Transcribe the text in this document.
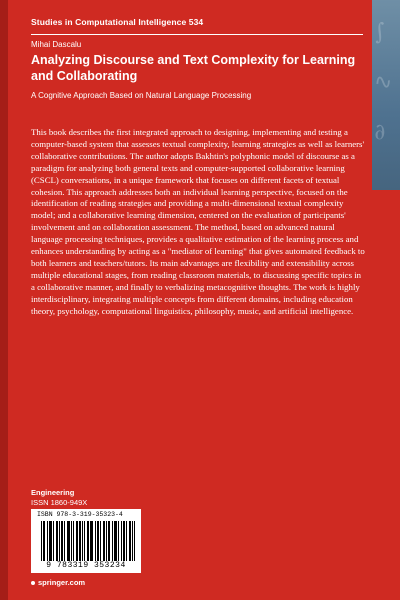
∫
∿
∂
Studies in Computational Intelligence 534
Mihai Dascalu
Analyzing Discourse and Text Complexity for Learning and Collaborating
A Cognitive Approach Based on Natural Language Processing

This book describes the first integrated approach to designing, implementing and testing a computer-based system that assesses textual complexity, learning strategies as well as learners' collaborative contributions. The author adopts Bakhtin's polyphonic model of discourse as a paradigm for analyzing both general texts and computer-supported collaborative learning (CSCL) conversations, in a unique framework that focuses on different facets of textual cohesion. This approach addresses both an individual learning perspective, focused on the identification of reading strategies and providing a multi-dimensional textual complexity model; and a collaborative learning dimension, centered on the evaluation of participants' involvement and on collaboration assessment. The method, based on advanced natural language processing techniques, provides a qualitative estimation of the learning process and enhances understanding by acting as a "mediator of learning" that gives automated feedback to both learners and teachers/tutors. Its main advantages are flexibility and extensibility across multiple educational stages, from reading classroom materials, to discussing specific topics in a collaborative manner, and finally to verbalizing metacognitive thoughts. The work is highly interdisciplinary, integrating multiple concepts from different domains, including education theory, psychology, computational linguistics, philosophy, music, and artificial intelligence.

Engineering
ISSN 1860-949X
ISBN 978-3-319-35323-4
9 783319 353234
springer.com
